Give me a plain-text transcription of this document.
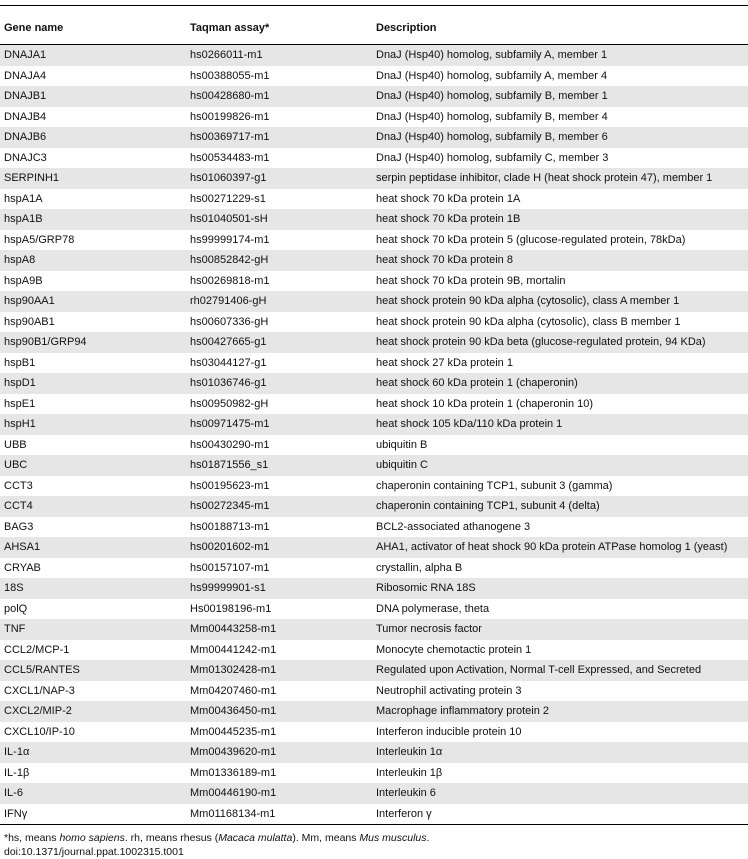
Gene name	Taqman assay*	Description
DNAJA1	hs0266011-m1	DnaJ (Hsp40) homolog, subfamily A, member 1
DNAJA4	hs00388055-m1	DnaJ (Hsp40) homolog, subfamily A, member 4
DNAJB1	hs00428680-m1	DnaJ (Hsp40) homolog, subfamily B, member 1
DNAJB4	hs00199826-m1	DnaJ (Hsp40) homolog, subfamily B, member 4
DNAJB6	hs00369717-m1	DnaJ (Hsp40) homolog, subfamily B, member 6
DNAJC3	hs00534483-m1	DnaJ (Hsp40) homolog, subfamily C, member 3
SERPINH1	hs01060397-g1	serpin peptidase inhibitor, clade H (heat shock protein 47), member 1
hspA1A	hs00271229-s1	heat shock 70 kDa protein 1A
hspA1B	hs01040501-sH	heat shock 70 kDa protein 1B
hspA5/GRP78	hs99999174-m1	heat shock 70 kDa protein 5 (glucose-regulated protein, 78kDa)
hspA8	hs00852842-gH	heat shock 70 kDa protein 8
hspA9B	hs00269818-m1	heat shock 70 kDa protein 9B, mortalin
hsp90AA1	rh02791406-gH	heat shock protein 90 kDa alpha (cytosolic), class A member 1
hsp90AB1	hs00607336-gH	heat shock protein 90 kDa alpha (cytosolic), class B member 1
hsp90B1/GRP94	hs00427665-g1	heat shock protein 90 kDa beta (glucose-regulated protein, 94 KDa)
hspB1	hs03044127-g1	heat shock 27 kDa protein 1
hspD1	hs01036746-g1	heat shock 60 kDa protein 1 (chaperonin)
hspE1	hs00950982-gH	heat shock 10 kDa protein 1 (chaperonin 10)
hspH1	hs00971475-m1	heat shock 105 kDa/110 kDa protein 1
UBB	hs00430290-m1	ubiquitin B
UBC	hs01871556_s1	ubiquitin C
CCT3	hs00195623-m1	chaperonin containing TCP1, subunit 3 (gamma)
CCT4	hs00272345-m1	chaperonin containing TCP1, subunit 4 (delta)
BAG3	hs00188713-m1	BCL2-associated athanogene 3
AHSA1	hs00201602-m1	AHA1, activator of heat shock 90 kDa protein ATPase homolog 1 (yeast)
CRYAB	hs00157107-m1	crystallin, alpha B
18S	hs99999901-s1	Ribosomic RNA 18S
polQ	Hs00198196-m1	DNA polymerase, theta
TNF	Mm00443258-m1	Tumor necrosis factor
CCL2/MCP-1	Mm00441242-m1	Monocyte chemotactic protein 1
CCL5/RANTES	Mm01302428-m1	Regulated upon Activation, Normal T-cell Expressed, and Secreted
CXCL1/NAP-3	Mm04207460-m1	Neutrophil activating protein 3
CXCL2/MIP-2	Mm00436450-m1	Macrophage inflammatory protein 2
CXCL10/IP-10	Mm00445235-m1	Interferon inducible protein 10
IL-1α	Mm00439620-m1	Interleukin 1α
IL-1β	Mm01336189-m1	Interleukin 1β
IL-6	Mm00446190-m1	Interleukin 6
IFNγ	Mm01168134-m1	Interferon γ
*hs, means homo sapiens. rh, means rhesus (Macaca mulatta). Mm, means Mus musculus.
doi:10.1371/journal.ppat.1002315.t001
